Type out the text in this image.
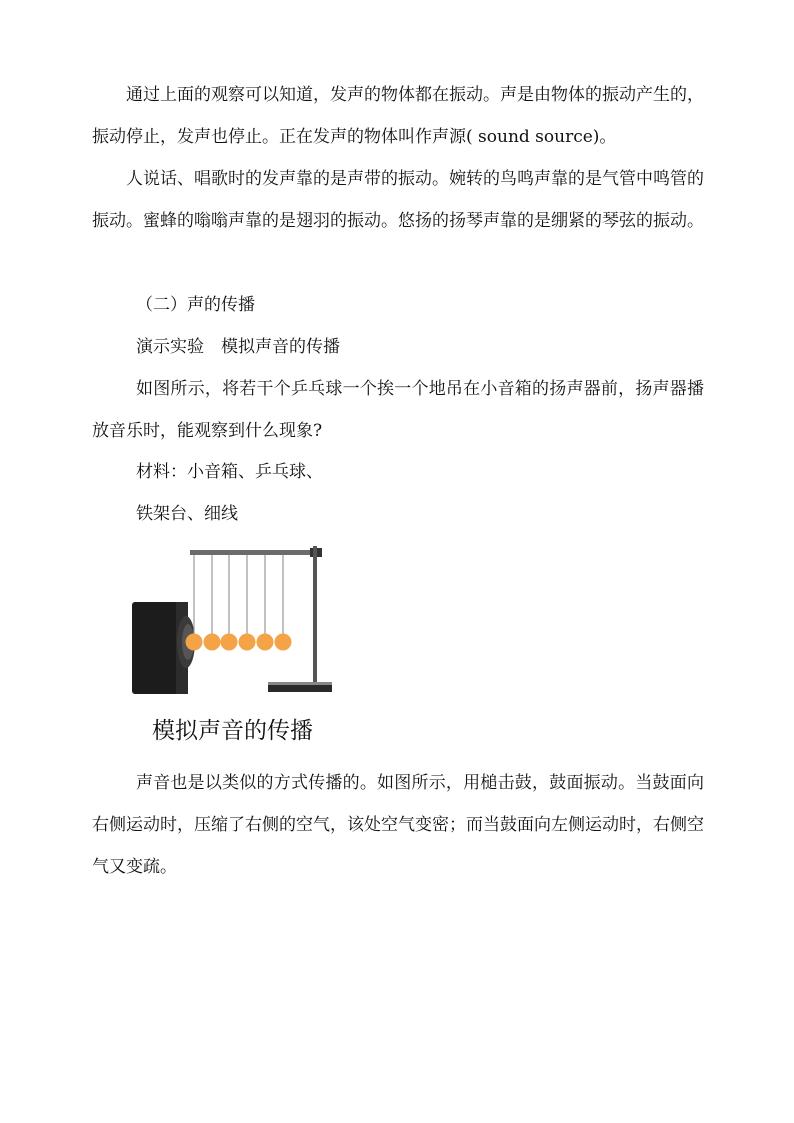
通过上面的观察可以知道，发声的物体都在振动。声是由物体的振动产生的，振动停止，发声也停止。正在发声的物体叫作声源( sound source)。

人说话、唱歌时的发声靠的是声带的振动。婉转的鸟鸣声靠的是气管中鸣管的振动。蜜蜂的嗡嗡声靠的是翅羽的振动。悠扬的扬琴声靠的是绷紧的琴弦的振动。

（二）声的传播
演示实验　模拟声音的传播

如图所示，将若干个乒乓球一个挨一个地吊在小音箱的扬声器前，扬声器播放音乐时，能观察到什么现象?

材料：小音箱、乒乓球、
铁架台、细线
模拟声音的传播

声音也是以类似的方式传播的。如图所示，用槌击鼓，鼓面振动。当鼓面向右侧运动时，压缩了右侧的空气，该处空气变密；而当鼓面向左侧运动时，右侧空气又变疏。
